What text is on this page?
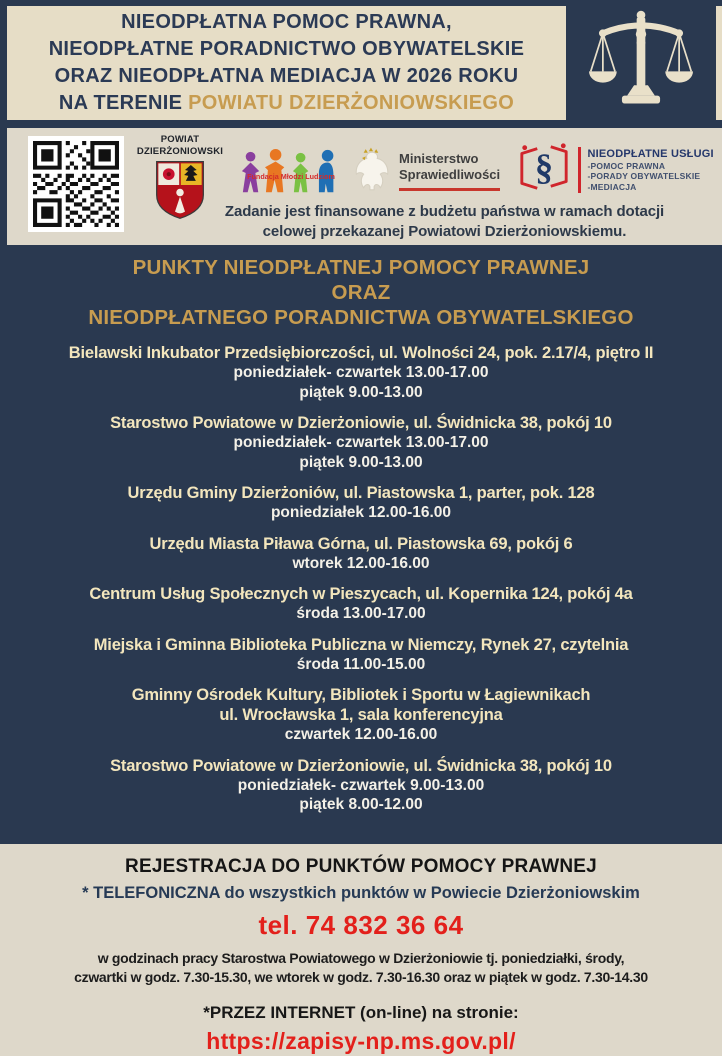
NIEODPŁATNA POMOC PRAWNA,
NIEODPŁATNE PORADNICTWO OBYWATELSKIE
ORAZ NIEODPŁATNA MEDIACJA W 2026 ROKU
NA TERENIE POWIATU DZIERŻONIOWSKIEGO
POWIAT
DZIERŻONIOWSKI
Fundacja Młodzi Ludziom
Ministerstwo
Sprawiedliwości §	NIEODPŁATNE USŁUGI
-POMOC PRAWNA
-PORADY OBYWATELSKIE
-MEDIACJA
Zadanie jest finansowane z budżetu państwa w ramach dotacji
celowej przekazanej Powiatowi Dzierżoniowskiemu.
PUNKTY NIEODPŁATNEJ POMOCY PRAWNEJ
ORAZ
NIEODPŁATNEGO PORADNICTWA OBYWATELSKIEGO
Bielawski Inkubator Przedsiębiorczości, ul. Wolności 24, pok. 2.17/4, piętro II
poniedziałek- czwartek 13.00-17.00
piątek 9.00-13.00
Starostwo Powiatowe w Dzierżoniowie, ul. Świdnicka 38, pokój 10
poniedziałek- czwartek 13.00-17.00
piątek 9.00-13.00
Urzędu Gminy Dzierżoniów, ul. Piastowska 1, parter, pok. 128
poniedziałek 12.00-16.00
Urzędu Miasta Piława Górna, ul. Piastowska 69, pokój 6
wtorek 12.00-16.00
Centrum Usług Społecznych w Pieszycach, ul. Kopernika 124, pokój 4a
środa 13.00-17.00
Miejska i Gminna Biblioteka Publiczna w Niemczy, Rynek 27, czytelnia
środa 11.00-15.00
Gminny Ośrodek Kultury, Bibliotek i Sportu w Łagiewnikach
ul. Wrocławska 1, sala konferencyjna
czwartek 12.00-16.00
Starostwo Powiatowe w Dzierżoniowie, ul. Świdnicka 38, pokój 10
poniedziałek- czwartek 9.00-13.00
piątek 8.00-12.00
REJESTRACJA DO PUNKTÓW POMOCY PRAWNEJ
* TELEFONICZNA do wszystkich punktów w Powiecie Dzierżoniowskim
tel. 74 832 36 64
w godzinach pracy Starostwa Powiatowego w Dzierżoniowie tj. poniedziałki, środy,
czwartki w godz. 7.30-15.30, we wtorek w godz. 7.30-16.30 oraz w piątek w godz. 7.30-14.30
*PRZEZ INTERNET (on-line) na stronie:
https://zapisy-np.ms.gov.pl/
